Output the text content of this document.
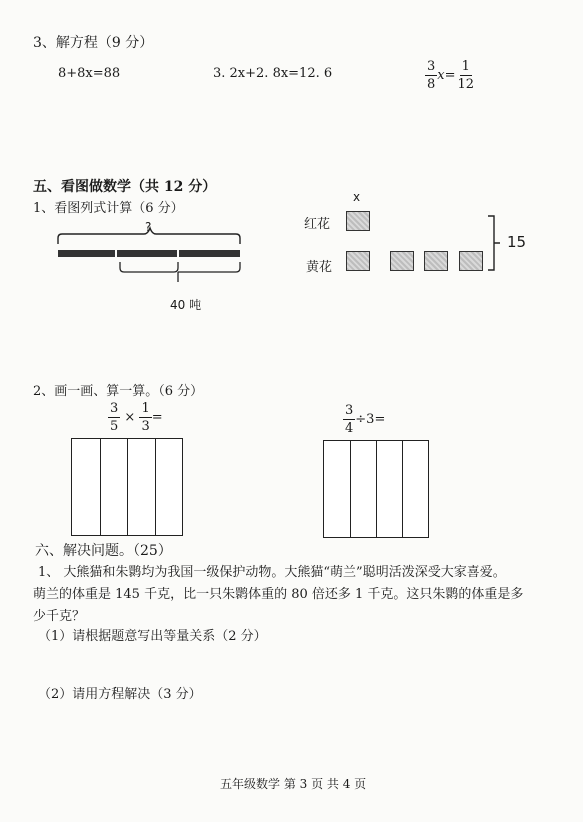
3、解方程（9 分）
8+8x=88	3. 2x+2. 8x=12. 6	$\frac{3}{8} x= \frac{1}{12}$
五、看图做数学（共 12 分）
1、看图列式计算（6 分）
?
40 吨
x
红花
黄花
15
2、画一画、算一算。（6 分）
$\frac{3}{5} \times \frac{1}{3}$ =	$\frac{3}{4} \div 3=$
六、解决问题。（25）
1、 大熊猫和朱鹮均为我国一级保护动物。大熊猫“萌兰”聪明活泼深受大家喜爱。
萌兰的体重是 145 千克，比一只朱鹮体重的 80 倍还多 1 千克。这只朱鹮的体重是多
少千克？
（1）请根据题意写出等量关系（2 分）
（2）请用方程解决（3 分）
五年级数学 第 3 页 共 4 页
